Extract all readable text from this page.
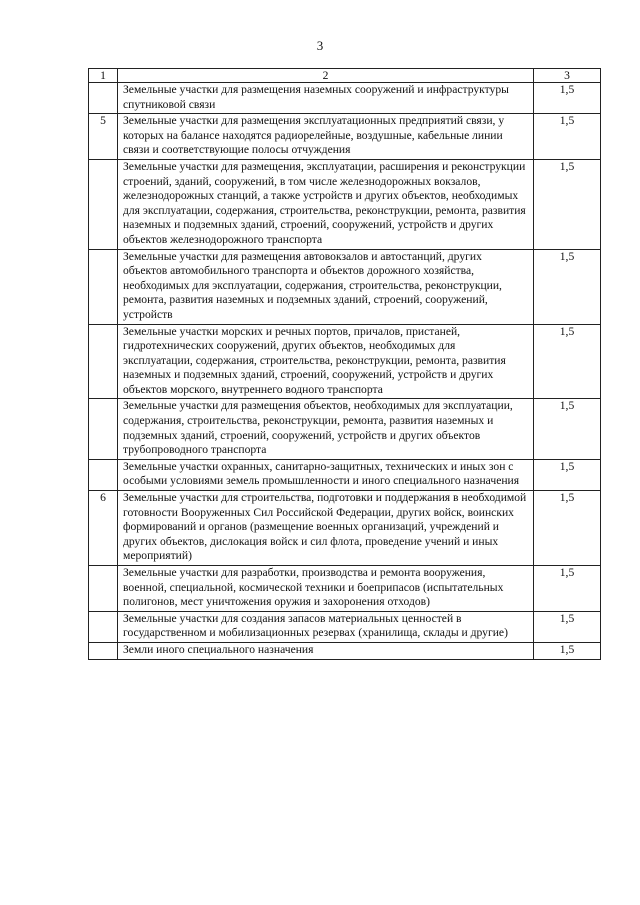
3
1	2	3
	Земельные участки для размещения наземных сооружений и инфраструктуры спутниковой связи	1,5
5	Земельные участки для размещения эксплуатационных предприятий связи, у которых на балансе находятся радиорелейные, воздушные, кабельные линии связи и соответствующие полосы отчуждения	1,5
	Земельные участки для размещения, эксплуатации, расширения и реконструкции строений, зданий, сооружений, в том числе железнодорожных вокзалов, железнодорожных станций, а также устройств и других объектов, необходимых для эксплуатации, содержания, строительства, реконструкции, ремонта, развития наземных и подземных зданий, строений, сооружений, устройств и других объектов железнодорожного транспорта	1,5
	Земельные участки для размещения автовокзалов и автостанций, других объектов автомобильного транспорта и объектов дорожного хозяйства, необходимых для эксплуатации, содержания, строительства, реконструкции, ремонта, развития наземных и подземных зданий, строений, сооружений, устройств	1,5
	Земельные участки морских и речных портов, причалов, пристаней, гидротехнических сооружений, других объектов, необходимых для эксплуатации, содержания, строительства, реконструкции, ремонта, развития наземных и подземных зданий, строений, сооружений, устройств и других объектов морского, внутреннего водного транспорта	1,5
	Земельные участки для размещения объектов, необходимых для эксплуатации, содержания, строительства, реконструкции, ремонта, развития наземных и подземных зданий, строений, сооружений, устройств и других объектов трубопроводного транспорта	1,5
	Земельные участки охранных, санитарно-защитных, технических и иных зон с особыми условиями земель промышленности и иного специального назначения	1,5
6	Земельные участки для строительства, подготовки и поддержания в необходимой готовности Вооруженных Сил Российской Федерации, других войск, воинских формирований и органов (размещение военных организаций, учреждений и других объектов, дислокация войск и сил флота, проведение учений и иных мероприятий)	1,5
	Земельные участки для разработки, производства и ремонта вооружения, военной, специальной, космической техники и боеприпасов (испытательных полигонов, мест уничтожения оружия и захоронения отходов)	1,5
	Земельные участки для создания запасов материальных ценностей в государственном и мобилизационных резервах (хранилища, склады и другие)	1,5
	Земли иного специального назначения	1,5
